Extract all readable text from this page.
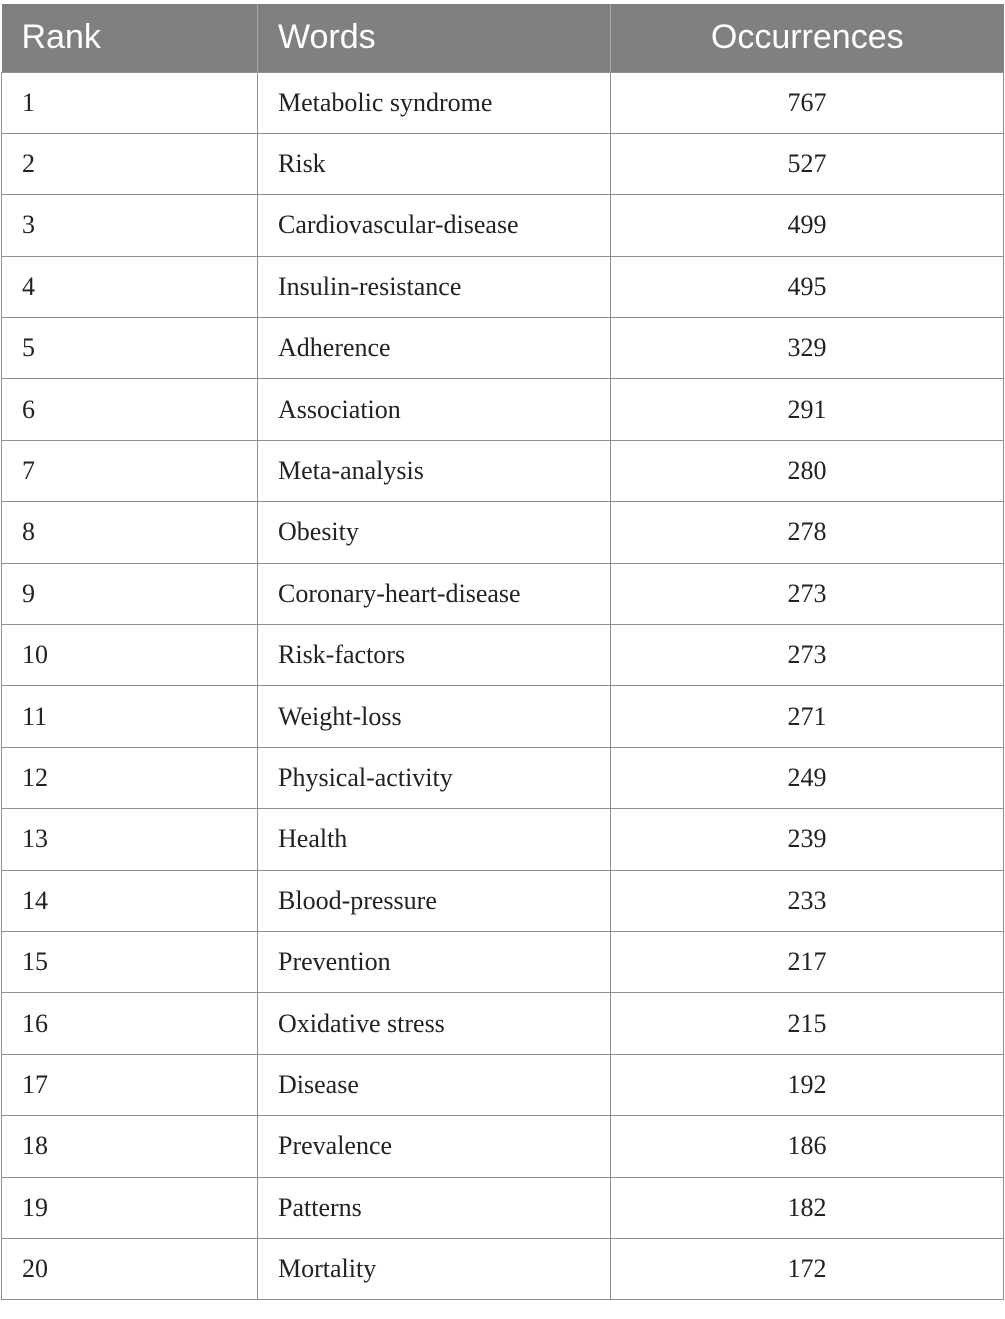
Rank	Words	Occurrences
1	Metabolic syndrome	767
2	Risk	527
3	Cardiovascular-disease	499
4	Insulin-resistance	495
5	Adherence	329
6	Association	291
7	Meta-analysis	280
8	Obesity	278
9	Coronary-heart-disease	273
10	Risk-factors	273
11	Weight-loss	271
12	Physical-activity	249
13	Health	239
14	Blood-pressure	233
15	Prevention	217
16	Oxidative stress	215
17	Disease	192
18	Prevalence	186
19	Patterns	182
20	Mortality	172
